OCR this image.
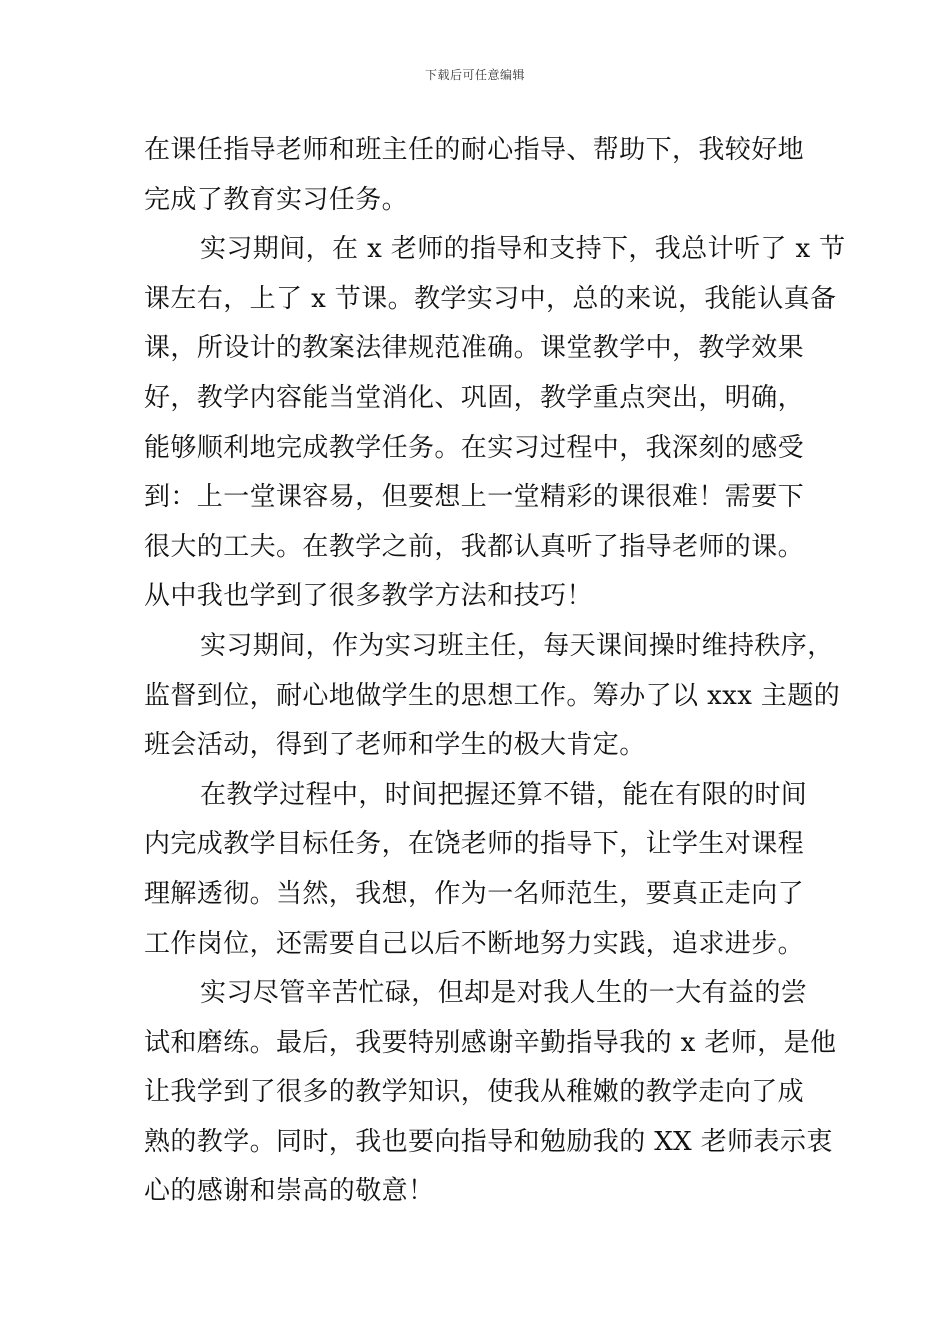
下载后可任意编辑
在课任指导老师和班主任的耐心指导、帮助下，我较好地
完成了教育实习任务。
实习期间，在 x 老师的指导和支持下，我总计听了 x 节
课左右，上了 x 节课。教学实习中，总的来说，我能认真备
课，所设计的教案法律规范准确。课堂教学中，教学效果
好，教学内容能当堂消化、巩固，教学重点突出，明确，
能够顺利地完成教学任务。在实习过程中，我深刻的感受
到：上一堂课容易，但要想上一堂精彩的课很难！需要下
很大的工夫。在教学之前，我都认真听了指导老师的课。
从中我也学到了很多教学方法和技巧！
实习期间，作为实习班主任，每天课间操时维持秩序，
监督到位，耐心地做学生的思想工作。筹办了以 xxx 主题的
班会活动，得到了老师和学生的极大肯定。
在教学过程中，时间把握还算不错，能在有限的时间
内完成教学目标任务，在饶老师的指导下，让学生对课程
理解透彻。当然，我想，作为一名师范生，要真正走向了
工作岗位，还需要自己以后不断地努力实践，追求进步。
实习尽管辛苦忙碌，但却是对我人生的一大有益的尝
试和磨练。最后，我要特别感谢辛勤指导我的 x 老师，是他
让我学到了很多的教学知识，使我从稚嫩的教学走向了成
熟的教学。同时，我也要向指导和勉励我的 XX 老师表示衷
心的感谢和崇高的敬意！
